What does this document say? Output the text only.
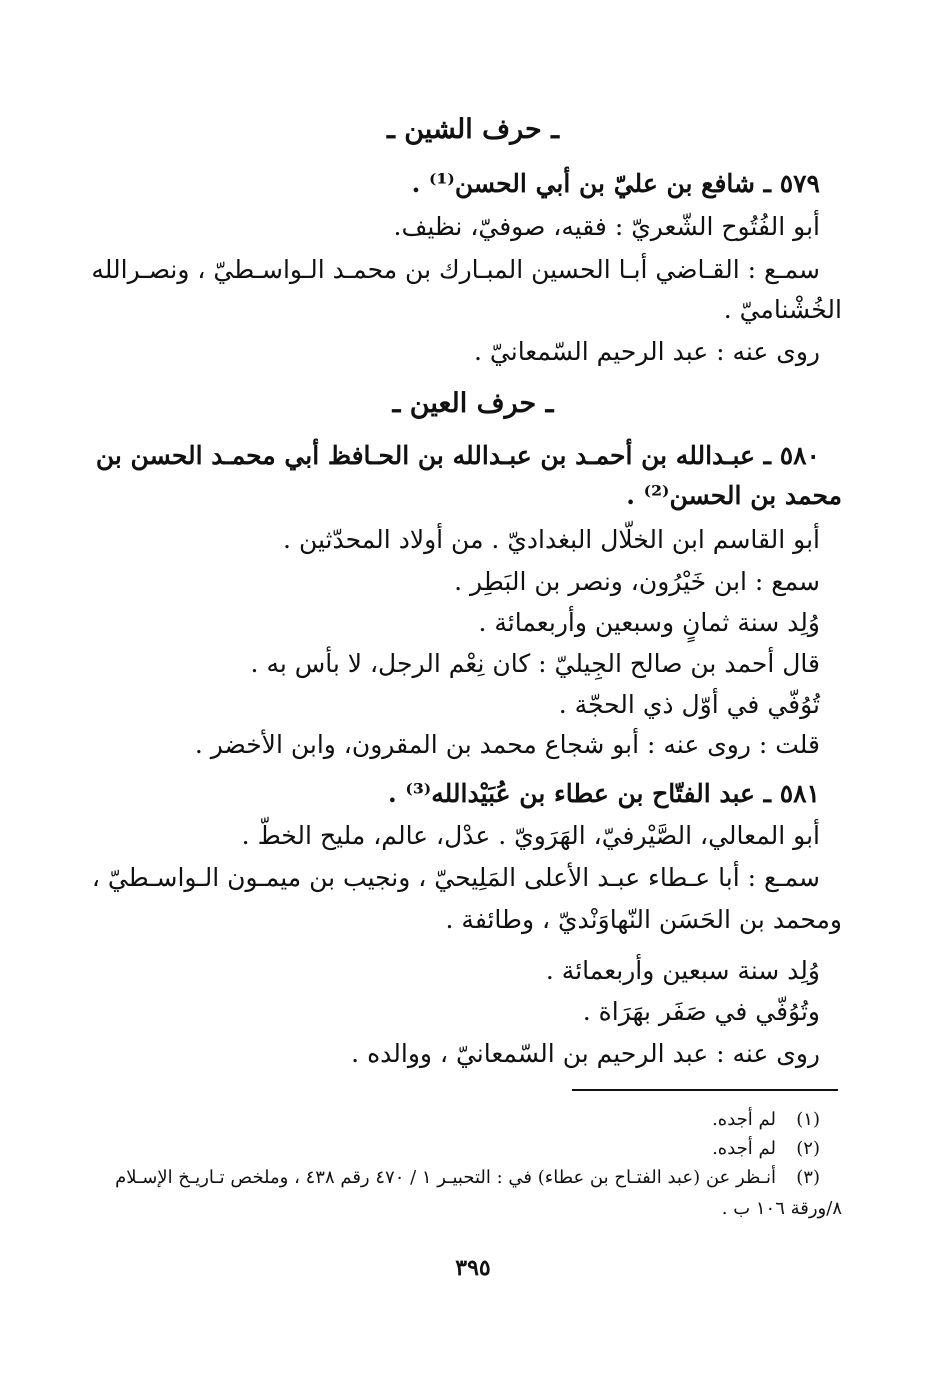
ـ حرف الشين ـ
٥٧٩ ـ شافع بن عليّ بن أبي الحسن⁽¹⁾ .
أبو الفُتُوح الشّعريّ : فقيه، صوفيّ، نظيف.
سمـع : القـاضي أبـا الحسين المبـارك بن محمـد الـواسـطيّ ، ونصـرالله
الخُشْناميّ .
روى عنه : عبد الرحيم السّمعانيّ .
ـ حرف العين ـ
٥٨٠ ـ عبـدالله بن أحمـد بن عبـدالله بن الحـافظ أبي محمـد الحسن بن
محمد بن الحسن⁽²⁾ .
أبو القاسم ابن الخلّال البغداديّ . من أولاد المحدّثين .
سمع : ابن خَيْرُون، ونصر بن البَطِر .
وُلِد سنة ثمانٍ وسبعين وأربعمائة .
قال أحمد بن صالح الجِيليّ : كان نِعْم الرجل، لا بأس به .
تُوُفّي في أوّل ذي الحجّة .
قلت : روى عنه : أبو شجاع محمد بن المقرون، وابن الأخضر .
٥٨١ ـ عبد الفتّاح بن عطاء بن عُبَيْدالله⁽³⁾ .
أبو المعالي، الصَّيْرفيّ، الهَرَويّ . عدْل، عالم، مليح الخطّ .
سمـع : أبا عـطاء عبـد الأعلى المَلِيحيّ ، ونجيب بن ميمـون الـواسـطيّ ،
ومحمد بن الحَسَن النّهاوَنْديّ ، وطائفة .
وُلِد سنة سبعين وأربعمائة .
وتُوُفّي في صَفَر بهَرَاة .
روى عنه : عبد الرحيم بن السّمعانيّ ، ووالده .
(١)لم أجده.
(٢)لم أجده.
(٣)أنـظر عن (عبد الفتـاح بن عطاء) في : التحبيـر ١ / ٤٧٠ رقم ٤٣٨ ، وملخص تـاريـخ الإسـلام
٨/ورقة ١٠٦ ب .
٣٩٥
